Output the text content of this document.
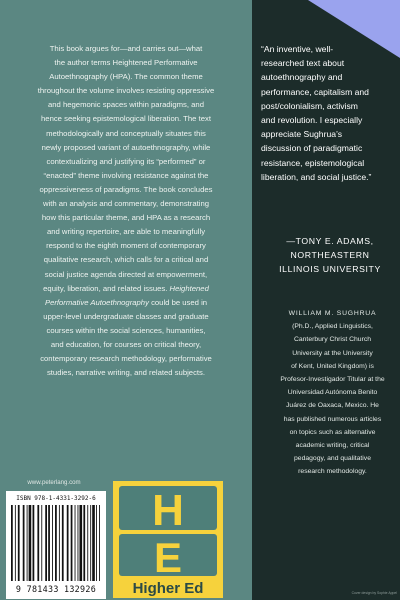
This book argues for—and carries out—what
the author terms Heightened Performative
Autoethnography (HPA). The common theme
throughout the volume involves resisting oppressive
and hegemonic spaces within paradigms, and
hence seeking epistemological liberation. The text
methodologically and conceptually situates this
newly proposed variant of autoethnography, while
contextualizing and justifying its “performed” or
“enacted” theme involving resistance against the
oppressiveness of paradigms. The book concludes
with an analysis and commentary, demonstrating
how this particular theme, and HPA as a research
and writing repertoire, are able to meaningfully
respond to the eighth moment of contemporary
qualitative research, which calls for a critical and
social justice agenda directed at empowerment,
equity, liberation, and related issues. Heightened
Performative Autoethnography could be used in
upper-level undergraduate classes and graduate
courses within the social sciences, humanities,
and education, for courses on critical theory,
contemporary research methodology, performative
studies, narrative writing, and related subjects.
“An inventive, well-
researched text about
autoethnography and
performance, capitalism and
post/colonialism, activism
and revolution. I especially
appreciate Sughrua’s
discussion of paradigmatic
resistance, epistemological
liberation, and social justice.”
—TONY E. ADAMS,
NORTHEASTERN
ILLINOIS UNIVERSITY
WILLIAM M. SUGHRUA
(Ph.D., Applied Linguistics,
Canterbury Christ Church
University at the University
of Kent, United Kingdom) is
Profesor-Investigador Titular at the
Universidad Autónoma Benito
Juárez de Oaxaca, Mexico. He
has published numerous articles
on topics such as alternative
academic writing, critical
pedagogy, and qualitative
research methodology.
www.peterlang.com
ISBN 978-1-4331-3292-6
9 781433 132926
H
E
Higher Ed	Cover design by Sophie Appel
